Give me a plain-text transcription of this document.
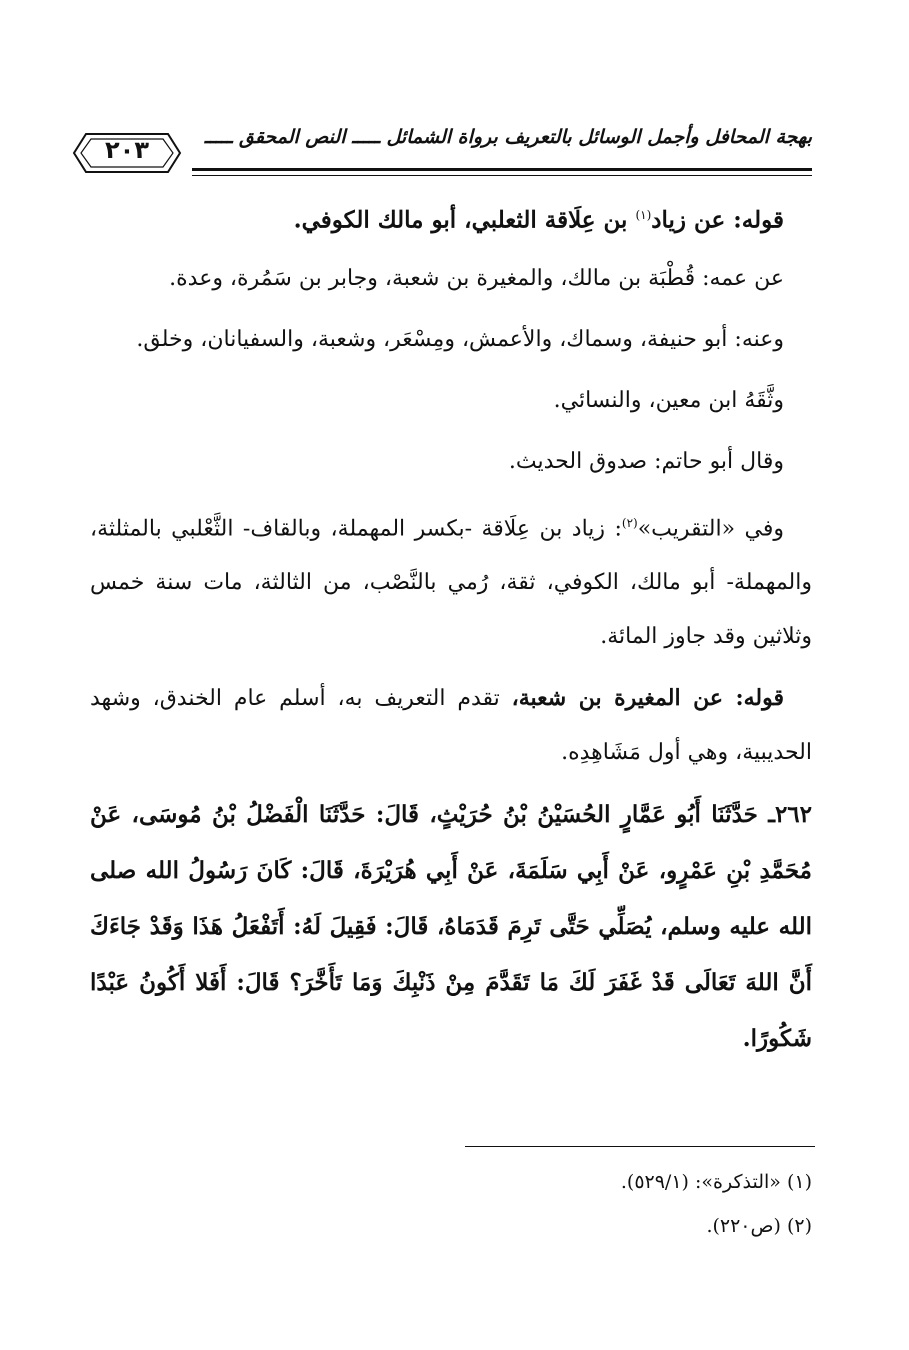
٢٠٣	بهجة المحافل وأجمل الوسائل بالتعريف برواة الشمائل ـــــ النص المحقق ـــــ

قوله: عن زياد$^{(١)}$ بن عِلَاقة الثعلبي، أبو مالك الكوفي.

عن عمه: قُطْبَة بن مالك، والمغيرة بن شعبة، وجابر بن سَمُرة، وعدة.

وعنه: أبو حنيفة، وسماك، والأعمش، ومِسْعَر، وشعبة، والسفيانان، وخلق.

وثَّقَهُ ابن معين، والنسائي.

وقال أبو حاتم: صدوق الحديث.

وفي «التقريب»$^{(٢)}$: زياد بن عِلَاقة -بكسر المهملة، وبالقاف- الثَّعْلبي بالمثلثة، والمهملة- أبو مالك، الكوفي، ثقة، رُمي بالنَّصْب، من الثالثة، مات سنة خمس وثلاثين وقد جاوز المائة.

قوله: عن المغيرة بن شعبة، تقدم التعريف به، أسلم عام الخندق، وشهد الحديبية، وهي أول مَشَاهِدِه.

٢٦٢ـ حَدَّثَنَا أَبُو عَمَّارٍ الحُسَيْنُ بْنُ حُرَيْثٍ، قَالَ: حَدَّثَنَا الْفَضْلُ بْنُ مُوسَى، عَنْ مُحَمَّدِ بْنِ عَمْرٍو، عَنْ أَبِي سَلَمَةَ، عَنْ أَبِي هُرَيْرَةَ، قَالَ: كَانَ رَسُولُ الله صلى الله عليه وسلم، يُصَلِّي حَتَّى تَرِمَ قَدَمَاهُ، قَالَ: فَقِيلَ لَهُ: أَتَفْعَلُ هَذَا وَقَدْ جَاءَكَ أَنَّ اللهَ تَعَالَى قَدْ غَفَرَ لَكَ مَا تَقَدَّمَ مِنْ ذَنْبِكَ وَمَا تَأَخَّرَ؟ قَالَ: أَفَلا أَكُونُ عَبْدًا شَكُورًا.

(١) «التذكرة»: (٥٢٩/١).

(٢) (ص٢٢٠).
